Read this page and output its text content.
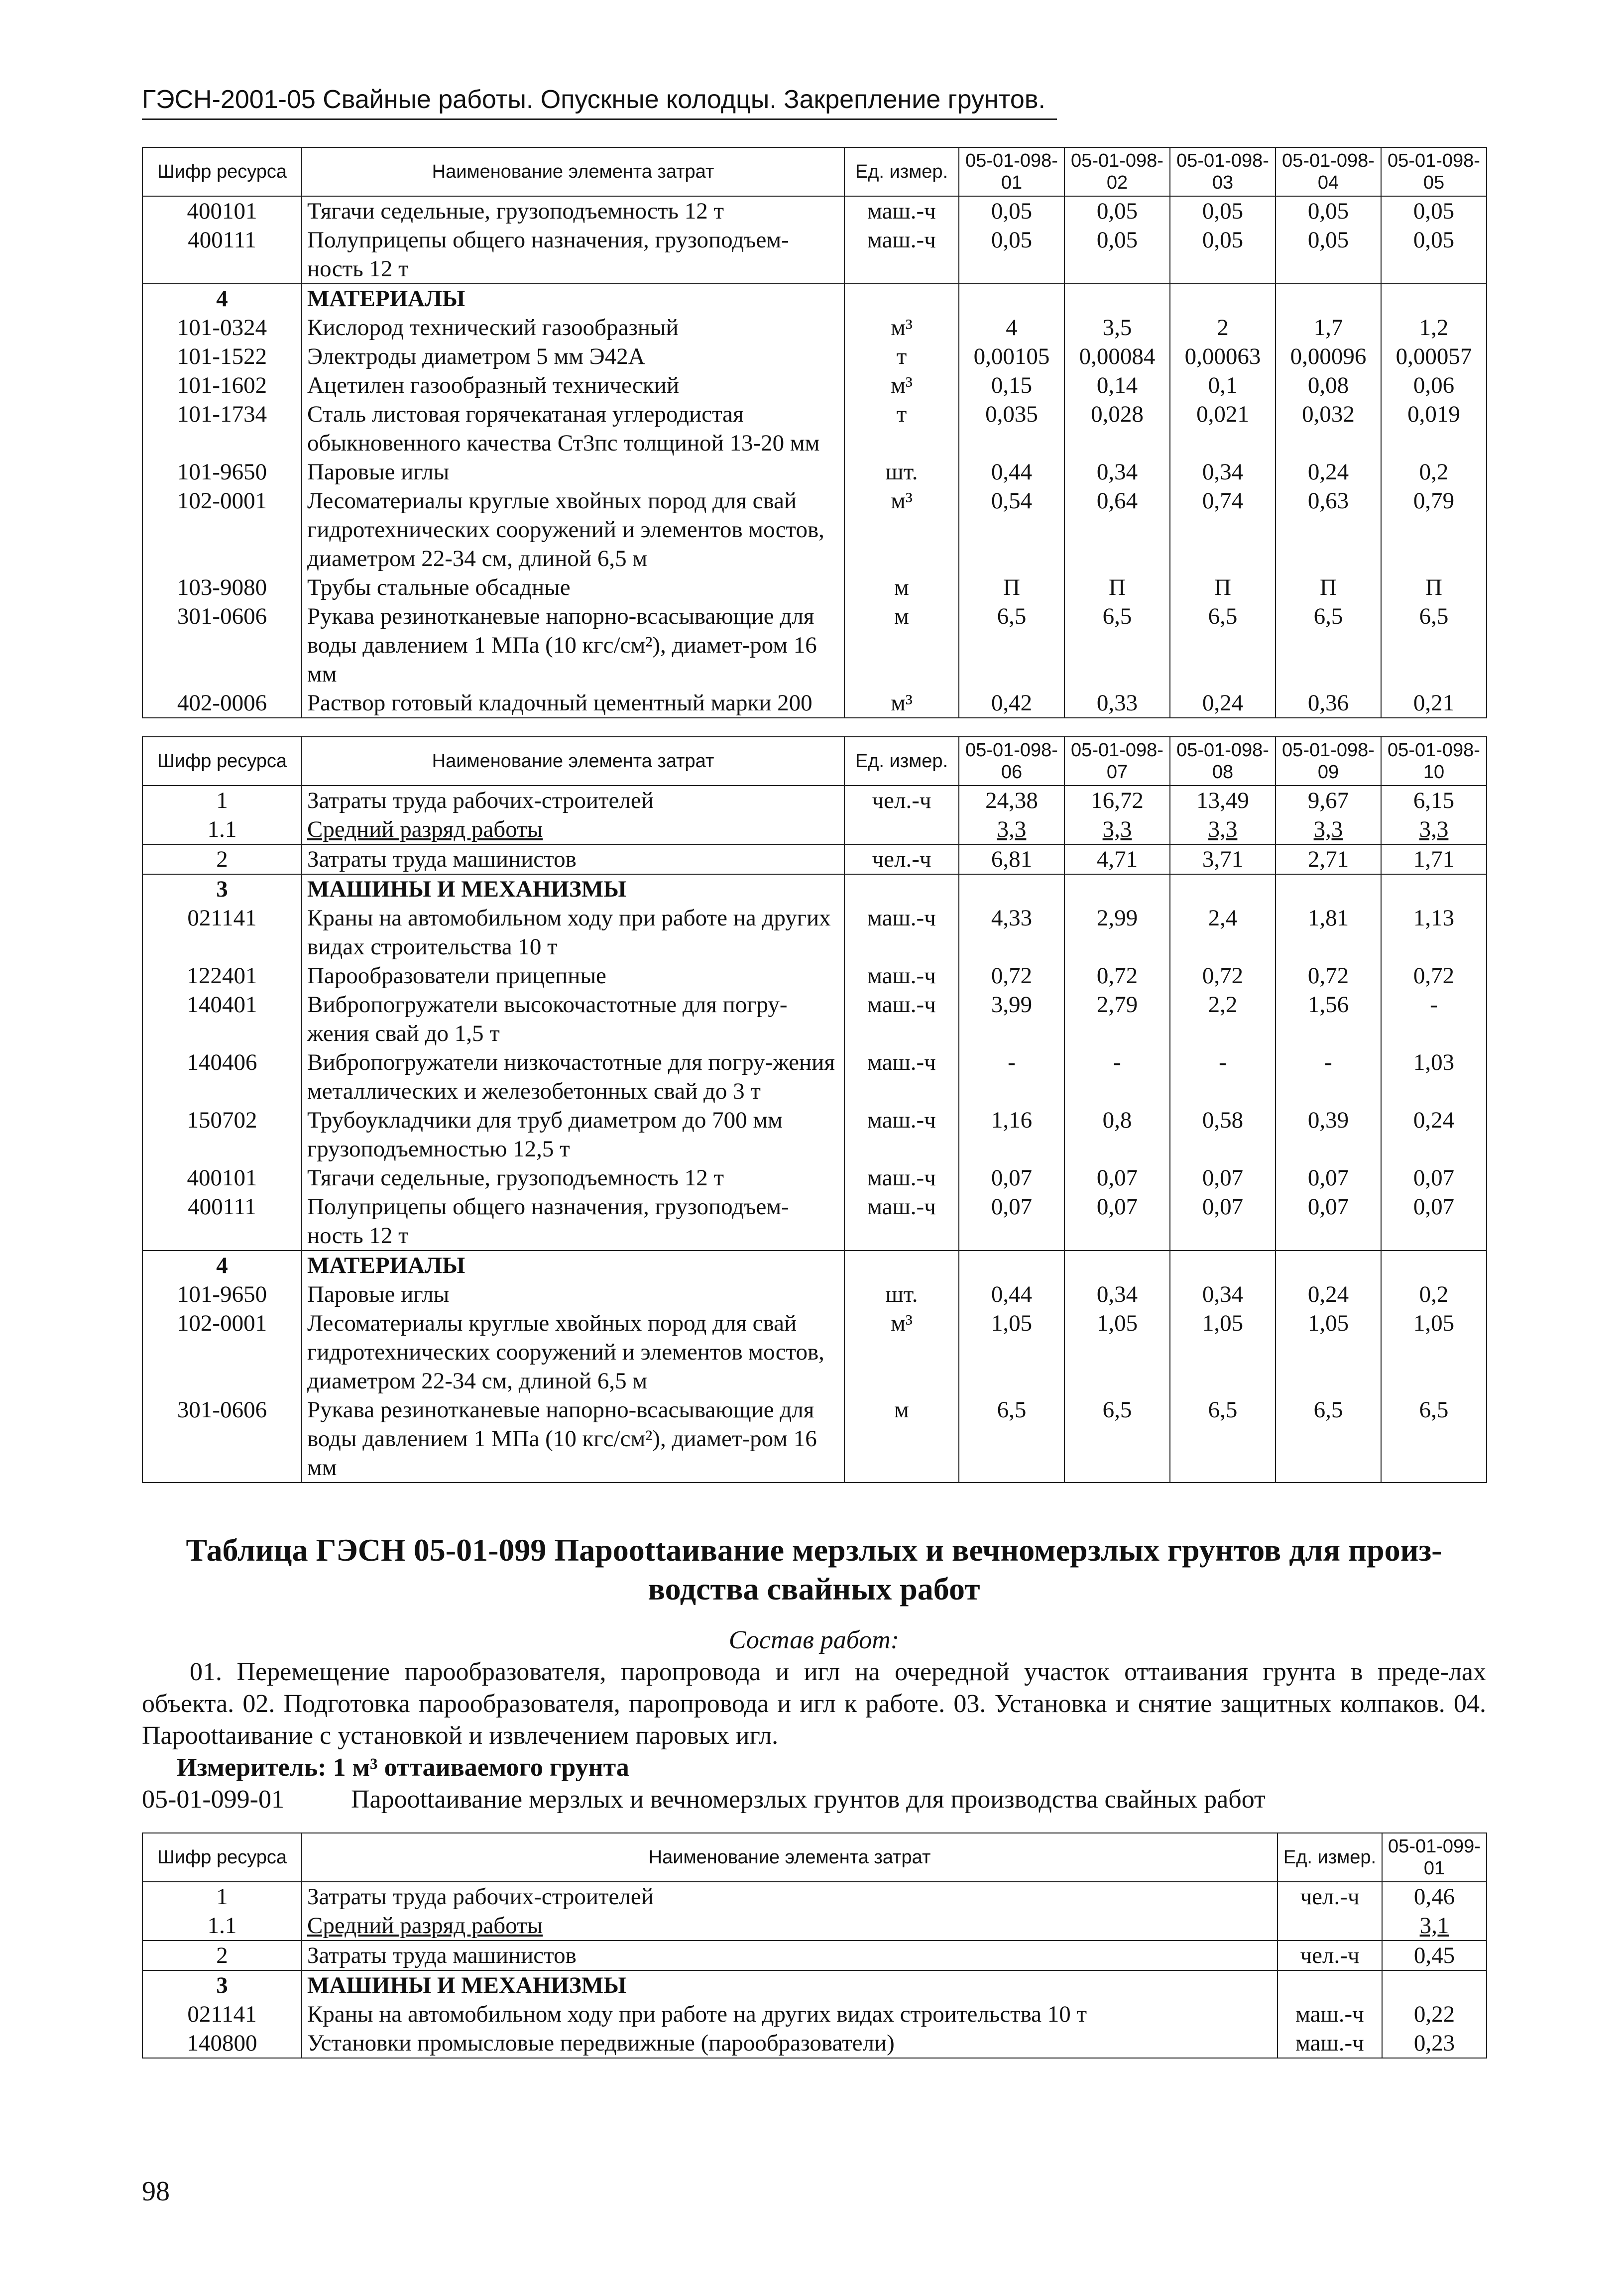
ГЭСН-2001-05 Свайные работы. Опускные колодцы. Закрепление грунтов.
Шифр ресурса	Наименование элемента затрат	Ед. измер.	05-01-098-01	05-01-098-02	05-01-098-03	05-01-098-04	05-01-098-05
400101	Тягачи седельные, грузоподъемность 12 т	маш.-ч	0,05	0,05	0,05	0,05	0,05
400111	Полуприцепы общего назначения, грузоподъем-ность 12 т	маш.-ч	0,05	0,05	0,05	0,05	0,05
4	МАТЕРИАЛЫ						
101-0324	Кислород технический газообразный	м³	4	3,5	2	1,7	1,2
101-1522	Электроды диаметром 5 мм Э42А	т	0,00105	0,00084	0,00063	0,00096	0,00057
101-1602	Ацетилен газообразный технический	м³	0,15	0,14	0,1	0,08	0,06
101-1734	Сталь листовая горячекатаная углеродистая обыкновенного качества Ст3пс толщиной 13-20 мм	т	0,035	0,028	0,021	0,032	0,019
101-9650	Паровые иглы	шт.	0,44	0,34	0,34	0,24	0,2
102-0001	Лесоматериалы круглые хвойных пород для свай гидротехнических сооружений и элементов мостов, диаметром 22-34 см, длиной 6,5 м	м³	0,54	0,64	0,74	0,63	0,79
103-9080	Трубы стальные обсадные	м	П	П	П	П	П
301-0606	Рукава резинотканевые напорно-всасывающие для воды давлением 1 МПа (10 кгс/см²), диамет-ром 16 мм	м	6,5	6,5	6,5	6,5	6,5
402-0006	Раствор готовый кладочный цементный марки 200	м³	0,42	0,33	0,24	0,36	0,21
Шифр ресурса	Наименование элемента затрат	Ед. измер.	05-01-098-06	05-01-098-07	05-01-098-08	05-01-098-09	05-01-098-10
1	Затраты труда рабочих-строителей	чел.-ч	24,38	16,72	13,49	9,67	6,15
1.1	Средний разряд работы		3,3	3,3	3,3	3,3	3,3
2	Затраты труда машинистов	чел.-ч	6,81	4,71	3,71	2,71	1,71
3	МАШИНЫ И МЕХАНИЗМЫ						
021141	Краны на автомобильном ходу при работе на других видах строительства 10 т	маш.-ч	4,33	2,99	2,4	1,81	1,13
122401	Парообразователи прицепные	маш.-ч	0,72	0,72	0,72	0,72	0,72
140401	Вибропогружатели высокочастотные для погру-жения свай до 1,5 т	маш.-ч	3,99	2,79	2,2	1,56	-
140406	Вибропогружатели низкочастотные для погру-жения металлических и железобетонных свай до 3 т	маш.-ч	-	-	-	-	1,03
150702	Трубоукладчики для труб диаметром до 700 мм грузоподъемностью 12,5 т	маш.-ч	1,16	0,8	0,58	0,39	0,24
400101	Тягачи седельные, грузоподъемность 12 т	маш.-ч	0,07	0,07	0,07	0,07	0,07
400111	Полуприцепы общего назначения, грузоподъем-ность 12 т	маш.-ч	0,07	0,07	0,07	0,07	0,07
4	МАТЕРИАЛЫ						
101-9650	Паровые иглы	шт.	0,44	0,34	0,34	0,24	0,2
102-0001	Лесоматериалы круглые хвойных пород для свай гидротехнических сооружений и элементов мостов, диаметром 22-34 см, длиной 6,5 м	м³	1,05	1,05	1,05	1,05	1,05
301-0606	Рукава резинотканевые напорно-всасывающие для воды давлением 1 МПа (10 кгс/см²), диамет-ром 16 мм	м	6,5	6,5	6,5	6,5	6,5
Таблица ГЭСН 05-01-099 Пароottаивание мерзлых и вечномерзлых грунтов для произ-водства свайных работ
Состав работ:
01. Перемещение парообразователя, паропровода и игл на очередной участок оттаивания грунта в преде-лах объекта. 02. Подготовка парообразователя, паропровода и игл к работе. 03. Установка и снятие защитных колпаков. 04. Пароottаивание с установкой и извлечением паровых игл.
Измеритель: 1 м³ оттаиваемого грунта
05-01-099-01	Пароottаивание мерзлых и вечномерзлых грунтов для производства свайных работ
Шифр ресурса	Наименование элемента затрат	Ед. измер.	05-01-099-01
1	Затраты труда рабочих-строителей	чел.-ч	0,46
1.1	Средний разряд работы		3,1
2	Затраты труда машинистов	чел.-ч	0,45
3	МАШИНЫ И МЕХАНИЗМЫ		
021141	Краны на автомобильном ходу при работе на других видах строительства 10 т	маш.-ч	0,22
140800	Установки промысловые передвижные (парообразователи)	маш.-ч	0,23
98
